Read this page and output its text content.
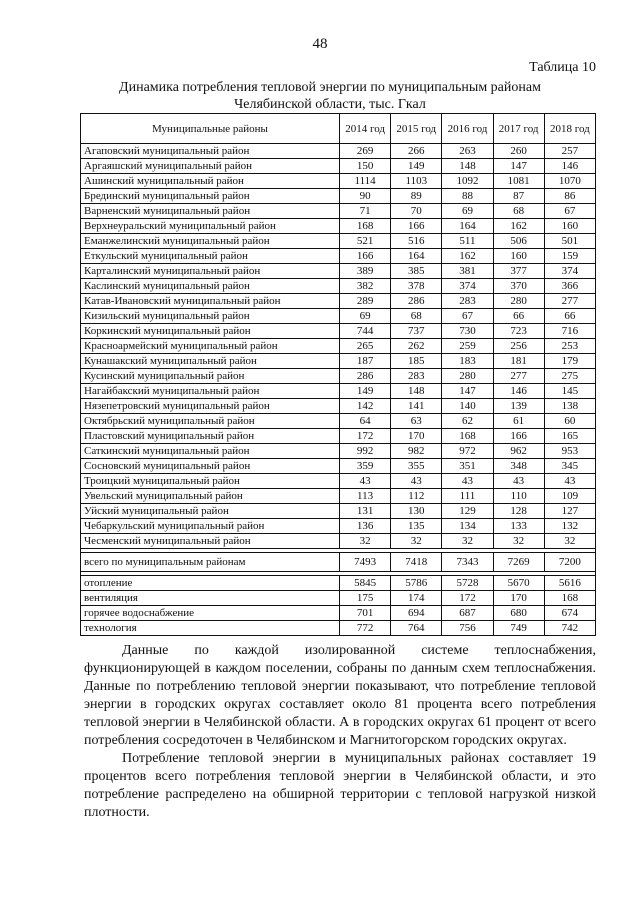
48
Таблица 10
Динамика потребления тепловой энергии по муниципальным районам
Челябинской области, тыс. Гкал
Муниципальные районы	2014 год	2015 год	2016 год	2017 год	2018 год
Агаповский муниципальный район	269	266	263	260	257
Аргаяшский муниципальный район	150	149	148	147	146
Ашинский муниципальный район	1114	1103	1092	1081	1070
Брединский муниципальный район	90	89	88	87	86
Варненский муниципальный район	71	70	69	68	67
Верхнеуральский муниципальный район	168	166	164	162	160
Еманжелинский муниципальный район	521	516	511	506	501
Еткульский муниципальный район	166	164	162	160	159
Карталинский муниципальный район	389	385	381	377	374
Каслинский муниципальный район	382	378	374	370	366
Катав-Ивановский муниципальный район	289	286	283	280	277
Кизильский муниципальный район	69	68	67	66	66
Коркинский муниципальный район	744	737	730	723	716
Красноармейский муниципальный район	265	262	259	256	253
Кунашакский муниципальный район	187	185	183	181	179
Кусинский муниципальный район	286	283	280	277	275
Нагайбакский муниципальный район	149	148	147	146	145
Нязепетровский муниципальный район	142	141	140	139	138
Октябрьский муниципальный район	64	63	62	61	60
Пластовский муниципальный район	172	170	168	166	165
Саткинский муниципальный район	992	982	972	962	953
Сосновский муниципальный район	359	355	351	348	345
Троицкий муниципальный район	43	43	43	43	43
Увельский муниципальный район	113	112	111	110	109
Уйский муниципальный район	131	130	129	128	127
Чебаркульский муниципальный район	136	135	134	133	132
Чесменский муниципальный район	32	32	32	32	32

всего по муниципальным районам	7493	7418	7343	7269	7200

отопление	5845	5786	5728	5670	5616
вентиляция	175	174	172	170	168
горячее водоснабжение	701	694	687	680	674
технология	772	764	756	749	742

Данные по каждой изолированной системе теплоснабжения, функционирующей в каждом поселении, собраны по данным схем теплоснабжения. Данные по потреблению тепловой энергии показывают, что потребление тепловой энергии в городских округах составляет около 81 процента всего потребления тепловой энергии в Челябинской области. А в городских округах 61 процент от всего потребления сосредоточен в Челябинском и Магнитогорском городских округах.

Потребление тепловой энергии в муниципальных районах составляет 19 процентов всего потребления тепловой энергии в Челябинской области, и это потребление распределено на обширной территории с тепловой нагрузкой низкой плотности.
